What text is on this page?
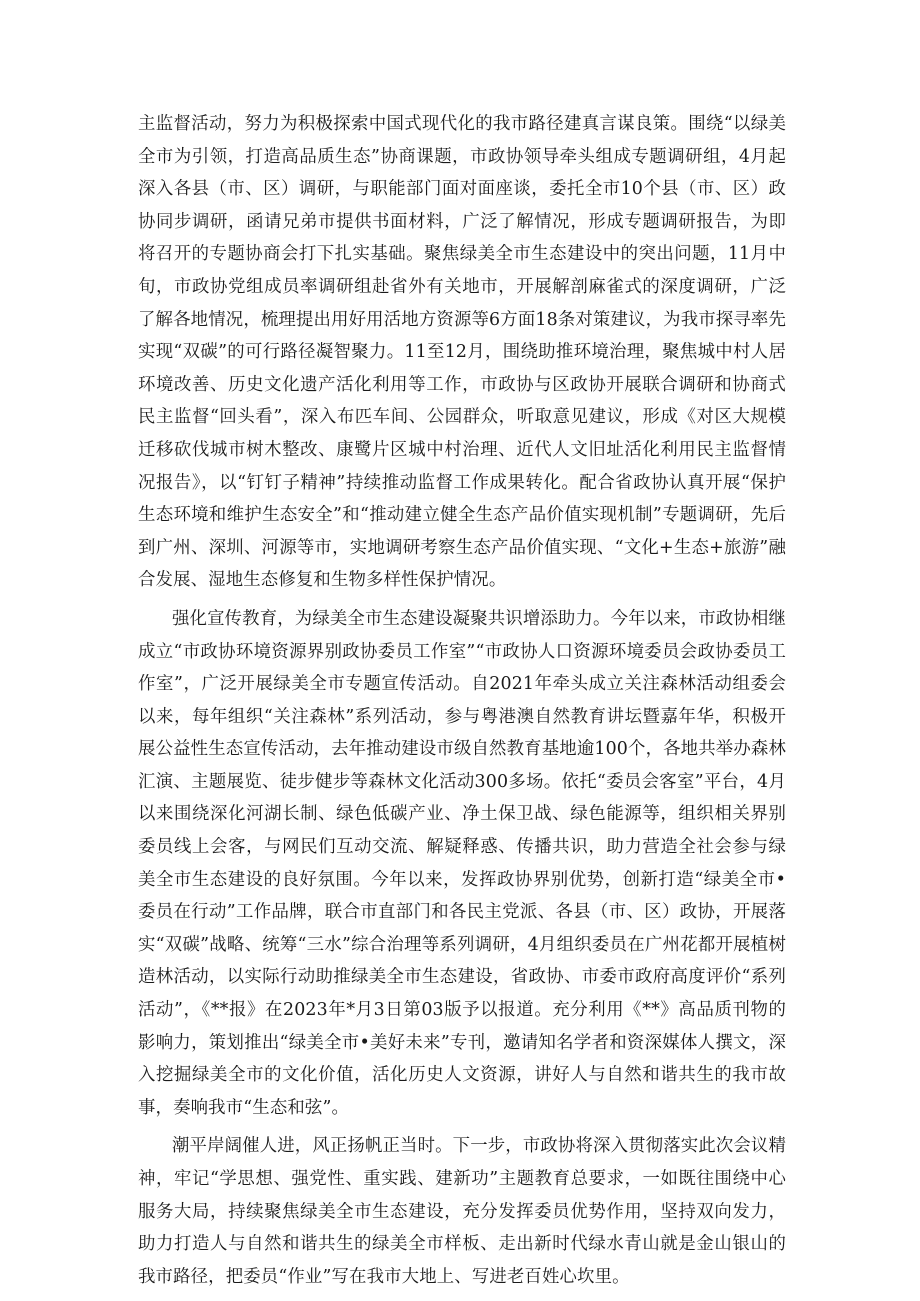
主监督活动，努力为积极探索中国式现代化的我市路径建真言谋良策。围绕“以绿美全市为引领，打造高品质生态”协商课题，市政协领导牵头组成专题调研组，4月起深入各县（市、区）调研，与职能部门面对面座谈，委托全市10个县（市、区）政协同步调研，函请兄弟市提供书面材料，广泛了解情况，形成专题调研报告，为即将召开的专题协商会打下扎实基础。聚焦绿美全市生态建设中的突出问题，11月中旬，市政协党组成员率调研组赴省外有关地市，开展解剖麻雀式的深度调研，广泛了解各地情况，梳理提出用好用活地方资源等6方面18条对策建议，为我市探寻率先实现“双碳”的可行路径凝智聚力。11至12月，围绕助推环境治理，聚焦城中村人居环境改善、历史文化遗产活化利用等工作，市政协与区政协开展联合调研和协商式民主监督“回头看”，深入布匹车间、公园群众，听取意见建议，形成《对区大规模迁移砍伐城市树木整改、康鹭片区城中村治理、近代人文旧址活化利用民主监督情况报告》，以“钉钉子精神”持续推动监督工作成果转化。配合省政协认真开展“保护生态环境和维护生态安全”和“推动建立健全生态产品价值实现机制”专题调研，先后到广州、深圳、河源等市，实地调研考察生态产品价值实现、“文化+生态+旅游”融合发展、湿地生态修复和生物多样性保护情况。

强化宣传教育，为绿美全市生态建设凝聚共识增添助力。今年以来，市政协相继成立“市政协环境资源界别政协委员工作室”“市政协人口资源环境委员会政协委员工作室”，广泛开展绿美全市专题宣传活动。自2021年牵头成立关注森林活动组委会以来，每年组织“关注森林”系列活动，参与粤港澳自然教育讲坛暨嘉年华，积极开展公益性生态宣传活动，去年推动建设市级自然教育基地逾100个，各地共举办森林汇演、主题展览、徒步健步等森林文化活动300多场。依托“委员会客室”平台，4月以来围绕深化河湖长制、绿色低碳产业、净土保卫战、绿色能源等，组织相关界别委员线上会客，与网民们互动交流、解疑释惑、传播共识，助力营造全社会参与绿美全市生态建设的良好氛围。今年以来，发挥政协界别优势，创新打造“绿美全市•委员在行动”工作品牌，联合市直部门和各民主党派、各县（市、区）政协，开展落实“双碳”战略、统筹“三水”综合治理等系列调研，4月组织委员在广州花都开展植树造林活动，以实际行动助推绿美全市生态建设，省政协、市委市政府高度评价“系列活动”，《**报》在2023年*月3日第03版予以报道。充分利用《**》高品质刊物的影响力，策划推出“绿美全市•美好未来”专刊，邀请知名学者和资深媒体人撰文，深入挖掘绿美全市的文化价值，活化历史人文资源，讲好人与自然和谐共生的我市故事，奏响我市“生态和弦”。

潮平岸阔催人进，风正扬帆正当时。下一步，市政协将深入贯彻落实此次会议精神，牢记“学思想、强党性、重实践、建新功”主题教育总要求，一如既往围绕中心服务大局，持续聚焦绿美全市生态建设，充分发挥委员优势作用，坚持双向发力，助力打造人与自然和谐共生的绿美全市样板、走出新时代绿水青山就是金山银山的我市路径，把委员“作业”写在我市大地上、写进老百姓心坎里。
